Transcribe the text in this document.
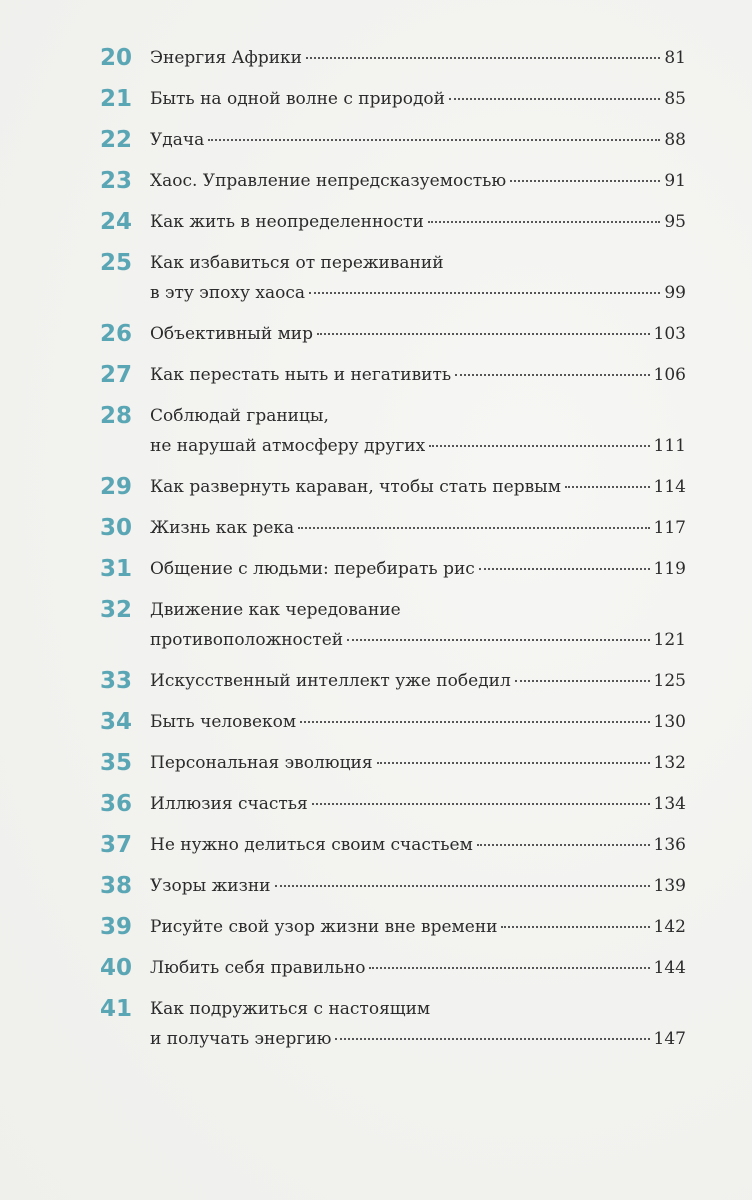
20	Энергия Африки	81
21	Быть на одной волне с природой	85
22	Удача	88
23	Хаос. Управление непредсказуемостью	91
24	Как жить в неопределенности	95
25	Как избавиться от переживаний
в эту эпоху хаоса	99
26	Объективный мир	103
27	Как перестать ныть и негативить	106
28	Соблюдай границы,
не нарушай атмосферу других	111
29	Как развернуть караван, чтобы стать первым	114
30	Жизнь как река	117
31	Общение с людьми: перебирать рис	119
32	Движение как чередование
противоположностей	121
33	Искусственный интеллект уже победил	125
34	Быть человеком	130
35	Персональная эволюция	132
36	Иллюзия счастья	134
37	Не нужно делиться своим счастьем	136
38	Узоры жизни	139
39	Рисуйте свой узор жизни вне времени	142
40	Любить себя правильно	144
41	Как подружиться с настоящим
и получать энергию	147
